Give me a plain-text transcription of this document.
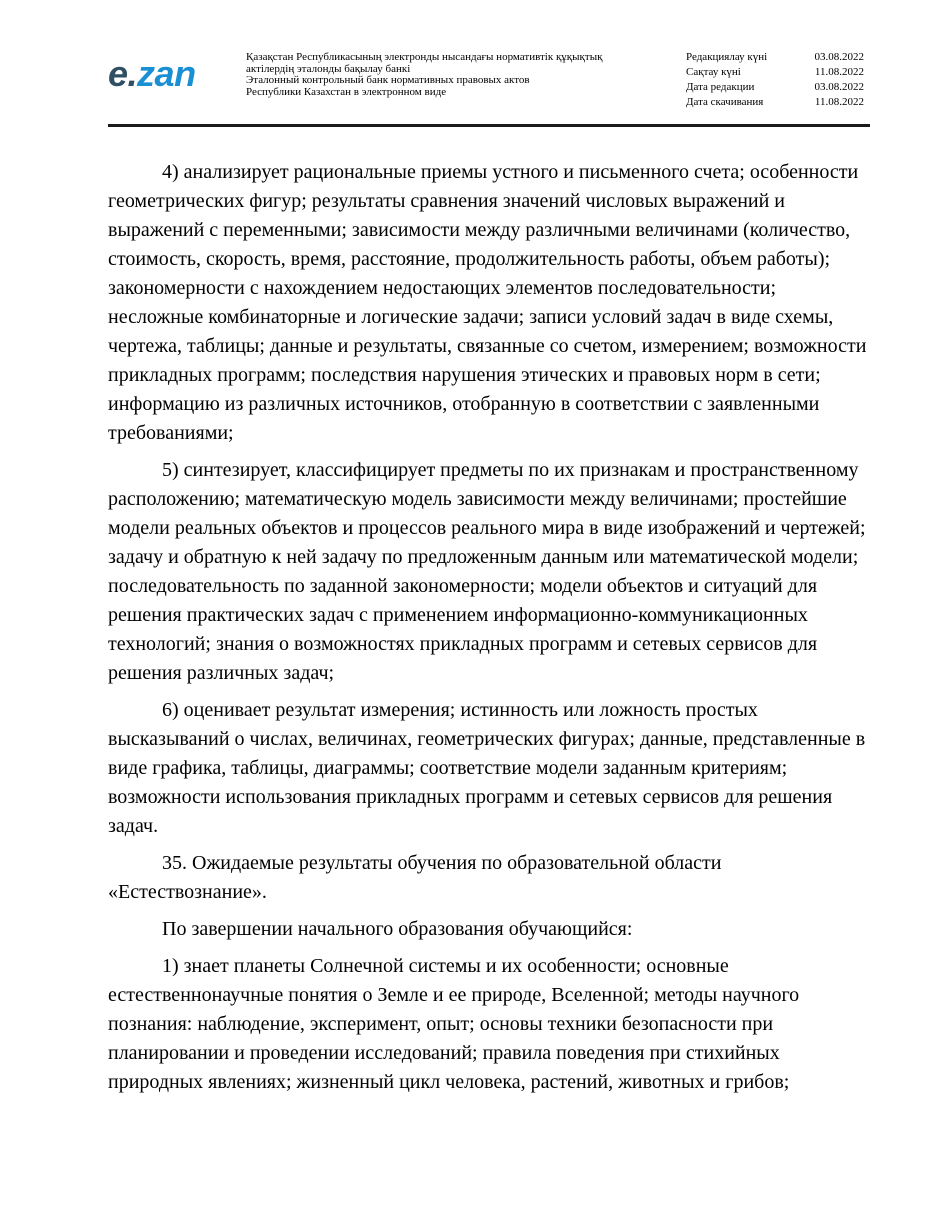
e.zan	Қазақстан Республикасының электронды нысандағы нормативтік құқықтық
актілердің эталонды бақылау банкі
Эталонный контрольный банк нормативных правовых актов
Республики Казахстан в электронном виде
Редакциялау күні	03.08.2022
Сақтау күні	11.08.2022
Дата редакции	03.08.2022
Дата скачивания	11.08.2022

4) анализирует рациональные приемы устного и письменного счета; особенности геометрических фигур; результаты сравнения значений числовых выражений и выражений с переменными; зависимости между различными величинами (количество, стоимость, скорость, время, расстояние, продолжительность работы, объем работы); закономерности с нахождением недостающих элементов последовательности; несложные комбинаторные и логические задачи; записи условий задач в виде схемы, чертежа, таблицы; данные и результаты, связанные со счетом, измерением; возможности прикладных программ; последствия нарушения этических и правовых норм в сети; информацию из различных источников, отобранную в соответствии с заявленными требованиями;

5) синтезирует, классифицирует предметы по их признакам и пространственному расположению; математическую модель зависимости между величинами; простейшие модели реальных объектов и процессов реального мира в виде изображений и чертежей; задачу и обратную к ней задачу по предложенным данным или математической модели; последовательность по заданной закономерности; модели объектов и ситуаций для решения практических задач с применением информационно-коммуникационных технологий; знания о возможностях прикладных программ и сетевых сервисов для решения различных задач;

6) оценивает результат измерения; истинность или ложность простых высказываний о числах, величинах, геометрических фигурах; данные, представленные в виде графика, таблицы, диаграммы; соответствие модели заданным критериям; возможности использования прикладных программ и сетевых сервисов для решения задач.

35. Ожидаемые результаты обучения по образовательной области «Естествознание».

По завершении начального образования обучающийся:

1) знает планеты Солнечной системы и их особенности; основные естественнонаучные понятия о Земле и ее природе, Вселенной; методы научного познания: наблюдение, эксперимент, опыт; основы техники безопасности при планировании и проведении исследований; правила поведения при стихийных природных явлениях; жизненный цикл человека, растений, животных и грибов;
